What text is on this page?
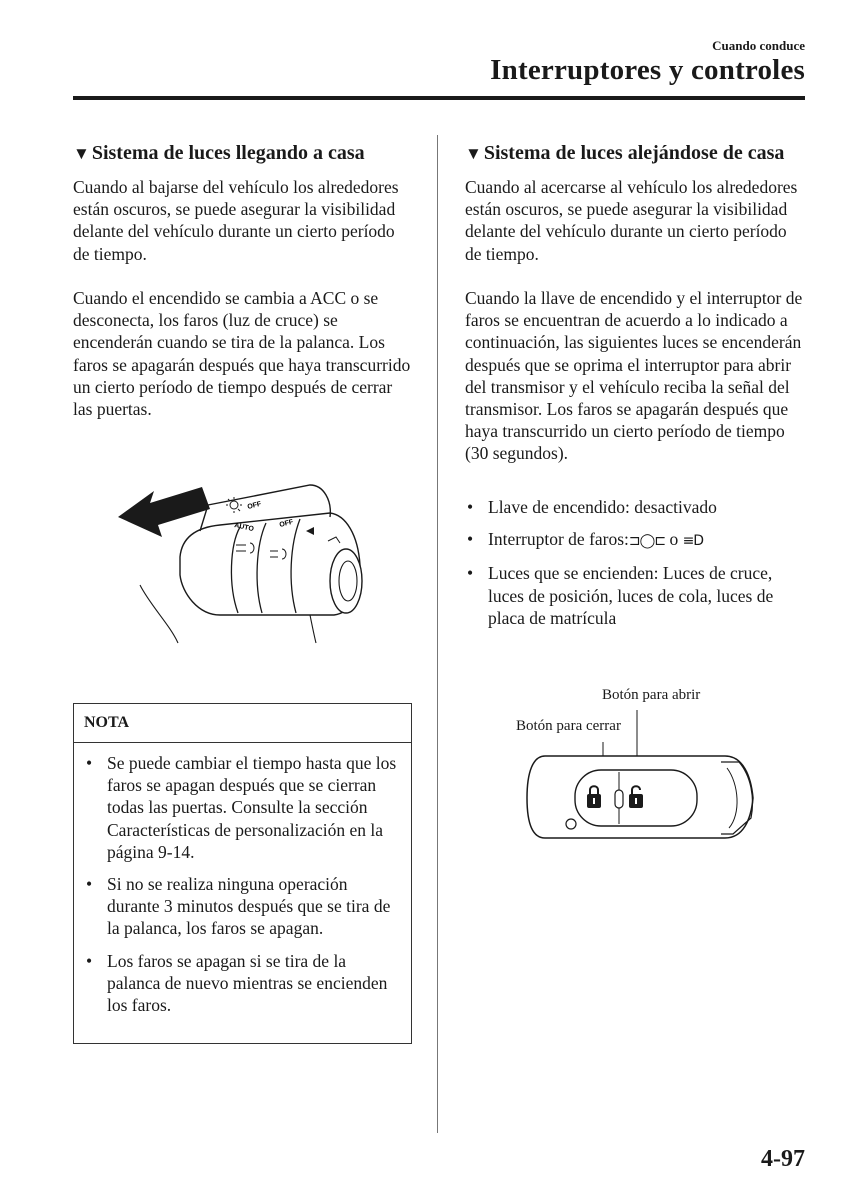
Cuando conduce
Interruptores y controles
▼ Sistema de luces llegando a casa
Cuando al bajarse del vehículo los alrededores están oscuros, se puede asegurar la visibilidad delante del vehículo durante un cierto período de tiempo.
Cuando el encendido se cambia a ACC o se desconecta, los faros (luz de cruce) se encenderán cuando se tira de la palanca. Los faros se apagarán después que haya transcurrido un cierto período de tiempo después de cerrar las puertas.
OFF
AUTO	OFF
NOTA
• Se puede cambiar el tiempo hasta que los faros se apagan después que se cierran todas las puertas. Consulte la sección Características de personalización en la página 9-14.
• Si no se realiza ninguna operación durante 3 minutos después que se tira de la palanca, los faros se apagan.
• Los faros se apagan si se tira de la palanca de nuevo mientras se encienden los faros.
▼ Sistema de luces alejándose de casa
Cuando al acercarse al vehículo los alrededores están oscuros, se puede asegurar la visibilidad delante del vehículo durante un cierto período de tiempo.
Cuando la llave de encendido y el interruptor de faros se encuentran de acuerdo a lo indicado a continuación, las siguientes luces se encenderán después que se oprima el interruptor para abrir del transmisor y el vehículo reciba la señal del transmisor. Los faros se apagarán después que haya transcurrido un cierto período de tiempo (30 segundos).
• Llave de encendido: desactivado
• Interruptor de faros:⊐◯⊏ o ≡D
• Luces que se encienden: Luces de cruce, luces de posición, luces de cola, luces de placa de matrícula
Botón para abrir
Botón para cerrar
4-97
